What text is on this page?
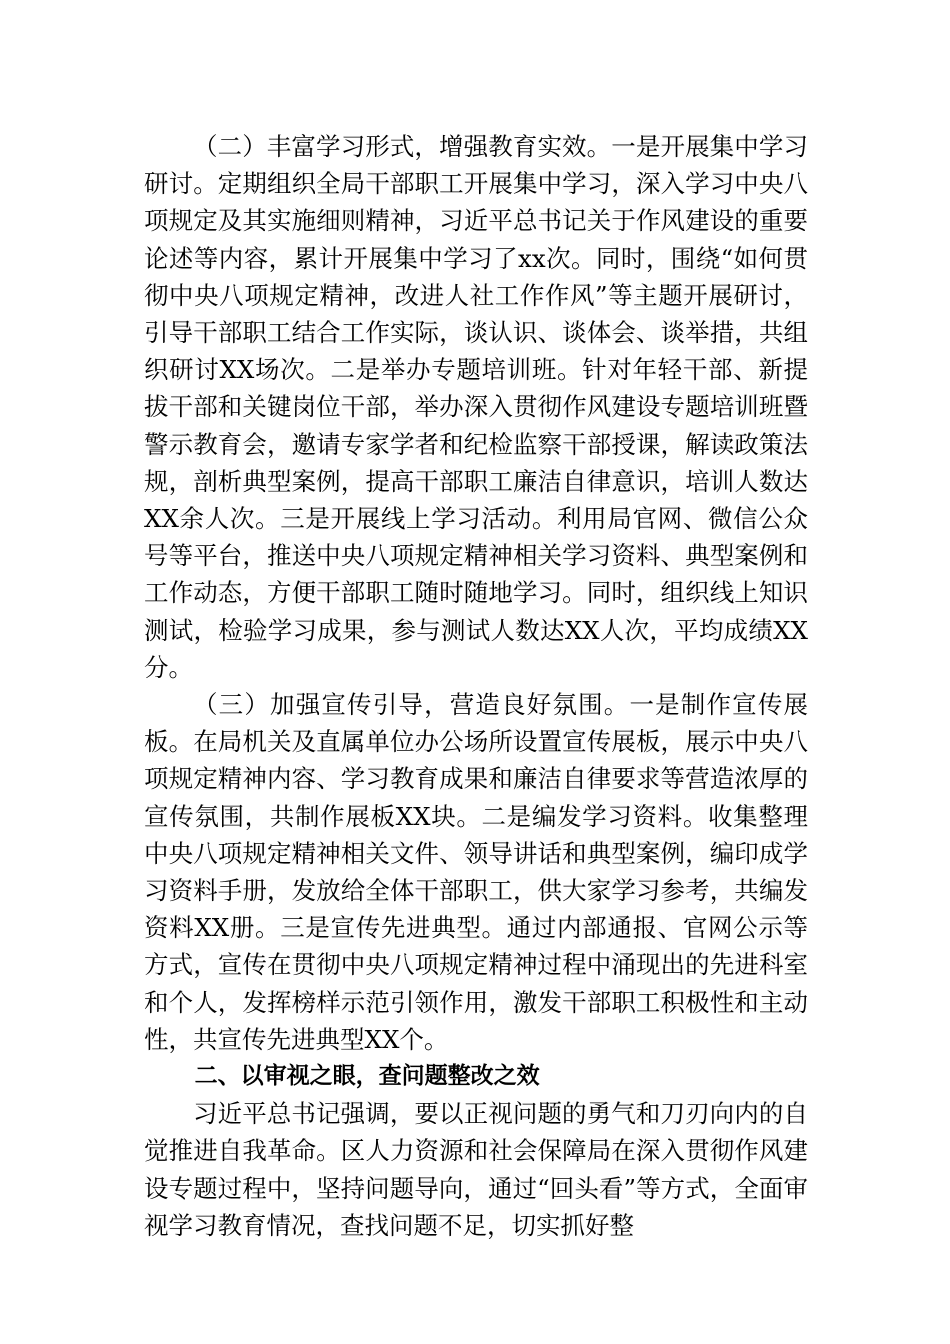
（二）丰富学习形式，增强教育实效。一是开展集中学习研讨。定期组织全局干部职工开展集中学习，深入学习中央八项规定及其实施细则精神，习近平总书记关于作风建设的重要论述等内容，累计开展集中学习了xx次。同时，围绕“如何贯彻中央八项规定精神，改进人社工作作风”等主题开展研讨，引导干部职工结合工作实际，谈认识、谈体会、谈举措，共组织研讨XX场次。二是举办专题培训班。针对年轻干部、新提拔干部和关键岗位干部，举办深入贯彻作风建设专题培训班暨警示教育会，邀请专家学者和纪检监察干部授课，解读政策法规，剖析典型案例，提高干部职工廉洁自律意识，培训人数达XX余人次。三是开展线上学习活动。利用局官网、微信公众号等平台，推送中央八项规定精神相关学习资料、典型案例和工作动态，方便干部职工随时随地学习。同时，组织线上知识测试，检验学习成果，参与测试人数达XX人次，平均成绩XX分。

（三）加强宣传引导，营造良好氛围。一是制作宣传展板。在局机关及直属单位办公场所设置宣传展板，展示中央八项规定精神内容、学习教育成果和廉洁自律要求等营造浓厚的宣传氛围，共制作展板XX块。二是编发学习资料。收集整理中央八项规定精神相关文件、领导讲话和典型案例，编印成学习资料手册，发放给全体干部职工，供大家学习参考，共编发资料XX册。三是宣传先进典型。通过内部通报、官网公示等方式，宣传在贯彻中央八项规定精神过程中涌现出的先进科室和个人，发挥榜样示范引领作用，激发干部职工积极性和主动性，共宣传先进典型XX个。

二、以审视之眼，查问题整改之效

习近平总书记强调，要以正视问题的勇气和刀刃向内的自觉推进自我革命。区人力资源和社会保障局在深入贯彻作风建设专题过程中，坚持问题导向，通过“回头看”等方式，全面审视学习教育情况，查找问题不足，切实抓好整
